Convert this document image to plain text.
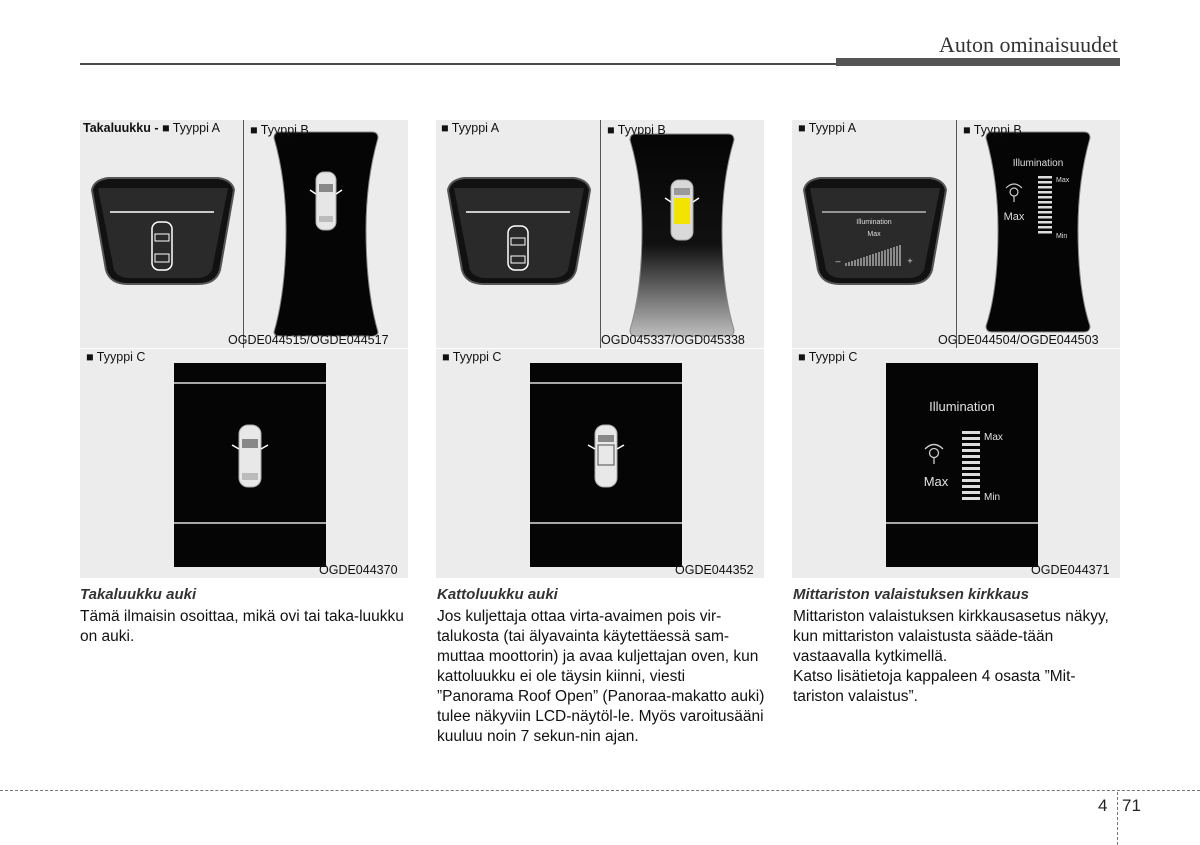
Auton ominaisuudet
Takaluukku - ■ Tyyppi A ■ Tyyppi B
OGDE044515/OGDE044517
■ Tyyppi C
OGDE044370
Takaluukku auki

Tämä ilmaisin osoittaa, mikä ovi tai taka-luukku on auki.

■ Tyyppi A	■ Tyyppi B
OGD045337/OGD045338
■ Tyyppi C
OGDE044352
Kattoluukku auki

Jos kuljettaja ottaa virta-avaimen pois vir-talukosta (tai älyavainta käytettäessä sam-muttaa moottorin) ja avaa kuljettajan oven, kun kattoluukku ei ole täysin kiinni, viesti ”Panorama Roof Open” (Panoraa-makatto auki) tulee näkyviin LCD-näytöl-le. Myös varoitusääni kuuluu noin 7 sekun-nin ajan.

Illumination
Max
–	+
Illumination
Max
Max
Min
■ Tyyppi A	■ Tyyppi B
OGDE044504/OGDE044503
Illumination
Max
Max
Min
■ Tyyppi C
OGDE044371
Mittariston valaistuksen kirkkaus

Mittariston valaistuksen kirkkausasetus näkyy, kun mittariston valaistusta sääde-tään vastaavalla kytkimellä.

Katso lisätietoja kappaleen 4 osasta ”Mit-tariston valaistus”.

4 71
